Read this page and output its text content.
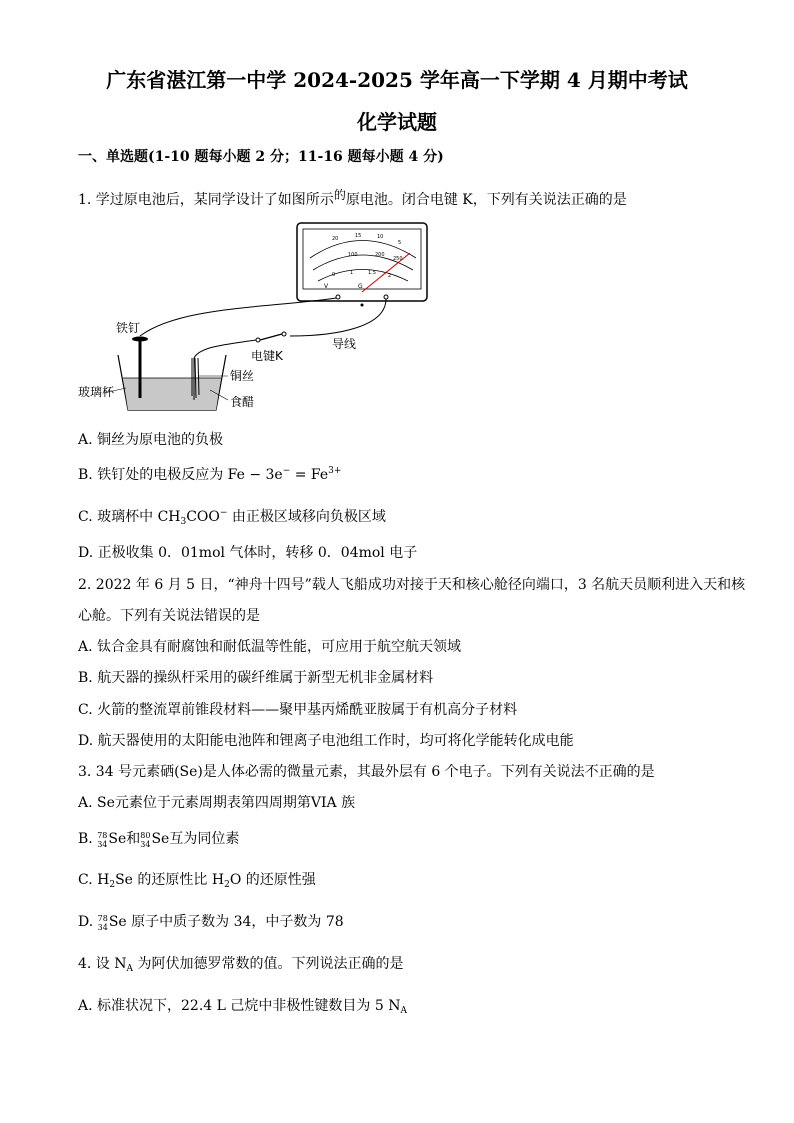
广东省湛江第一中学 2024-2025 学年高一下学期 4 月期中考试
化学试题
一、单选题(1-10 题每小题 2 分；11-16 题每小题 4 分)
1. 学过原电池后，某同学设计了如图所示的原电池。闭合电键 K，下列有关说法正确的是
20	15	10
5
100	200
250
0	1	1.5 2
V	G
铁钉
铜丝
食醋
玻璃杯
电键K
导线
A. 铜丝为原电池的负极
B. 铁钉处的电极反应为 $Fe - 3e^- = Fe^{3+}$
C. 玻璃杯中 $CH_3COO^-$ 由正极区域移向负极区域
D. 正极收集 0．01mol 气体时，转移 0．04mol 电子
2. 2022 年 6 月 5 日，“神舟十四号”载人飞船成功对接于天和核心舱径向端口，3 名航天员顺利进入天和核
心舱。下列有关说法错误的是
A. 钛合金具有耐腐蚀和耐低温等性能，可应用于航空航天领域
B. 航天器的操纵杆采用的碳纤维属于新型无机非金属材料
C. 火箭的整流罩前锥段材料——聚甲基丙烯酰亚胺属于有机高分子材料
D. 航天器使用的太阳能电池阵和锂离子电池组工作时，均可将化学能转化成电能
3. 34 号元素硒(Se)是人体必需的微量元素，其最外层有 6 个电子。下列有关说法不正确的是
A. Se元素位于元素周期表第四周期第VIA 族
B. 78
34 Se和 80
34 Se互为同位素
C. $H_2Se$ 的还原性比 $H_2O$ 的还原性强
D. 78
34 Se 原子中质子数为 34，中子数为 78
4. 设 $N_A$ 为阿伏加德罗常数的值。下列说法正确的是
A. 标准状况下，22.4 L 己烷中非极性键数目为 5 $N_A$
